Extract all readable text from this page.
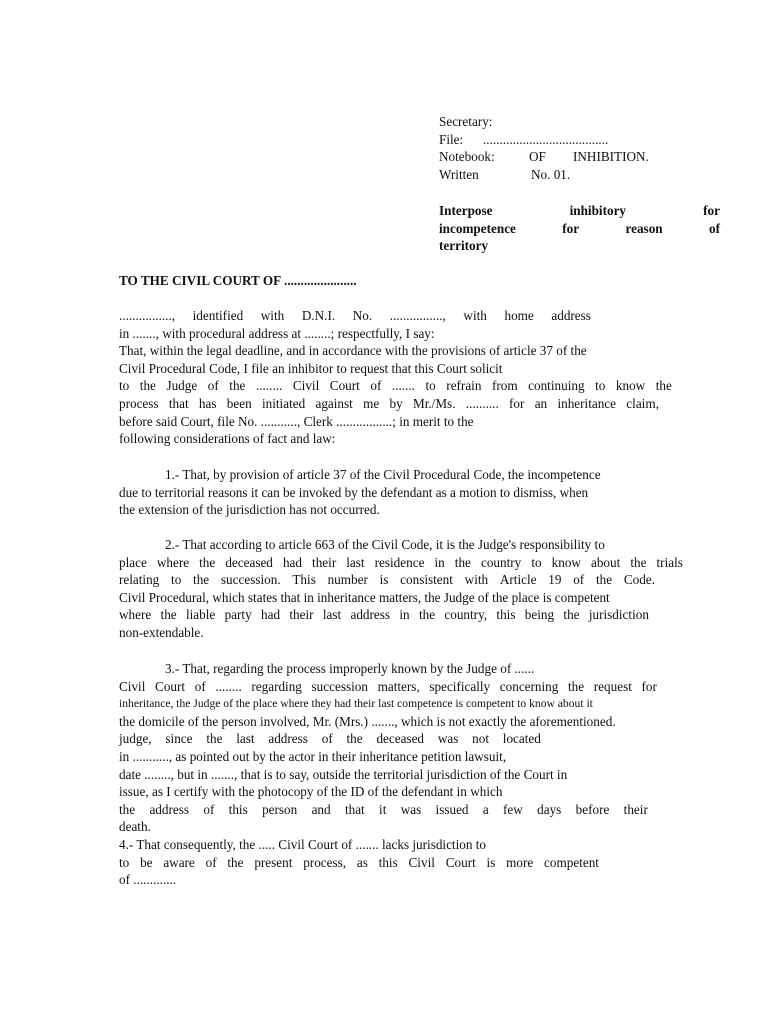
Secretary:
File: ......................................
Notebook:	OF INHIBITION.
Written	No. 01.
Interpose	inhibitory	for
incompetence	for	reason	of
territory
TO THE CIVIL COURT OF ......................
................, identified with D.N.I. No. ................, with home address
in ......., with procedural address at ........; respectfully, I say:
That, within the legal deadline, and in accordance with the provisions of article 37 of the
Civil Procedural Code, I file an inhibitor to request that this Court solicit
to the Judge of the ........ Civil Court of ....... to refrain from continuing to know the
process that has been initiated against me by Mr./Ms. .......... for an inheritance claim,
before said Court, file No. ..........., Clerk .................; in merit to the
following considerations of fact and law:
1.- That, by provision of article 37 of the Civil Procedural Code, the incompetence
due to territorial reasons it can be invoked by the defendant as a motion to dismiss, when
the extension of the jurisdiction has not occurred.
2.- That according to article 663 of the Civil Code, it is the Judge's responsibility to
place where the deceased had their last residence in the country to know about the trials
relating to the succession. This number is consistent with Article 19 of the Code.
Civil Procedural, which states that in inheritance matters, the Judge of the place is competent
where the liable party had their last address in the country, this being the jurisdiction
non-extendable.
3.- That, regarding the process improperly known by the Judge of ......
Civil Court of ........ regarding succession matters, specifically concerning the request for
inheritance, the Judge of the place where they had their last competence is competent to know about it
the domicile of the person involved, Mr. (Mrs.) ......., which is not exactly the aforementioned.
judge, since the last address of the deceased was not located
in ..........., as pointed out by the actor in their inheritance petition lawsuit,
date ........, but in ......., that is to say, outside the territorial jurisdiction of the Court in
issue, as I certify with the photocopy of the ID of the defendant in which
the address of this person and that it was issued a few days before their
death.
4.- That consequently, the ..... Civil Court of ....... lacks jurisdiction to
to be aware of the present process, as this Civil Court is more competent
of .............
